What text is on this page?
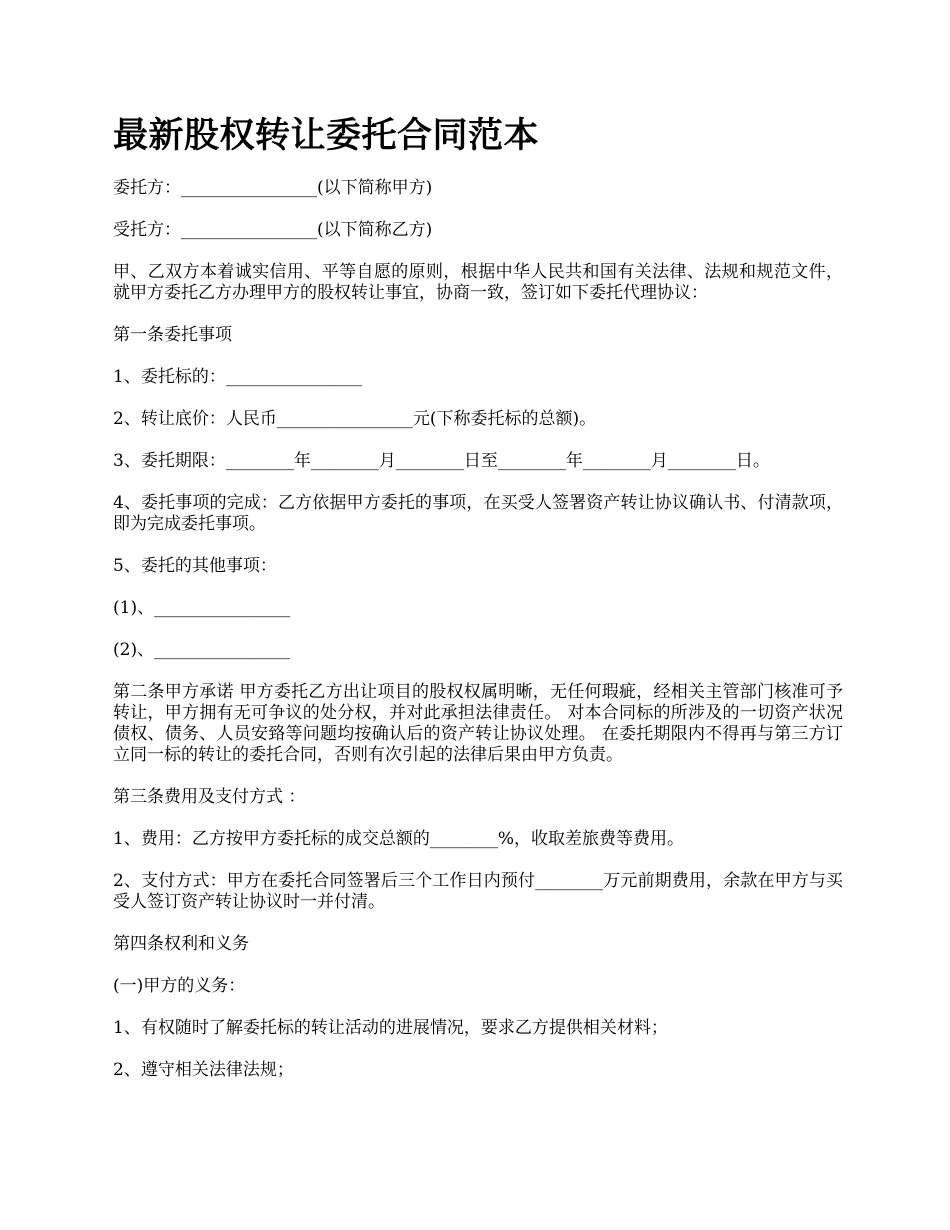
最新股权转让委托合同范本

委托方：________________(以下简称甲方)

受托方：________________(以下简称乙方)

甲、乙双方本着诚实信用、平等自愿的原则，根据中华人民共和国有关法律、法规和规范文件，就甲方委托乙方办理甲方的股权转让事宜，协商一致，签订如下委托代理协议：

第一条委托事项

1、委托标的：________________

2、转让底价：人民币________________元(下称委托标的总额)。

3、委托期限：________年________月________日至________年________月________日。

4、委托事项的完成：乙方依据甲方委托的事项，在买受人签署资产转让协议确认书、付清款项，即为完成委托事项。

5、委托的其他事项：

(1)、________________

(2)、________________

第二条甲方承诺 甲方委托乙方出让项目的股权权属明晰，无任何瑕疵，经相关主管部门核准可予转让，甲方拥有无可争议的处分权，并对此承担法律责任。 对本合同标的所涉及的一切资产状况债权、债务、人员安臵等问题均按确认后的资产转让协议处理。 在委托期限内不得再与第三方订立同一标的转让的委托合同，否则有次引起的法律后果由甲方负责。

第三条费用及支付方式 ：

1、费用：乙方按甲方委托标的成交总额的________%，收取差旅费等费用。

2、支付方式：甲方在委托合同签署后三个工作日内预付________万元前期费用，余款在甲方与买受人签订资产转让协议时一并付清。

第四条权利和义务

(一)甲方的义务：

1、有权随时了解委托标的转让活动的进展情况，要求乙方提供相关材料；

2、遵守相关法律法规；
